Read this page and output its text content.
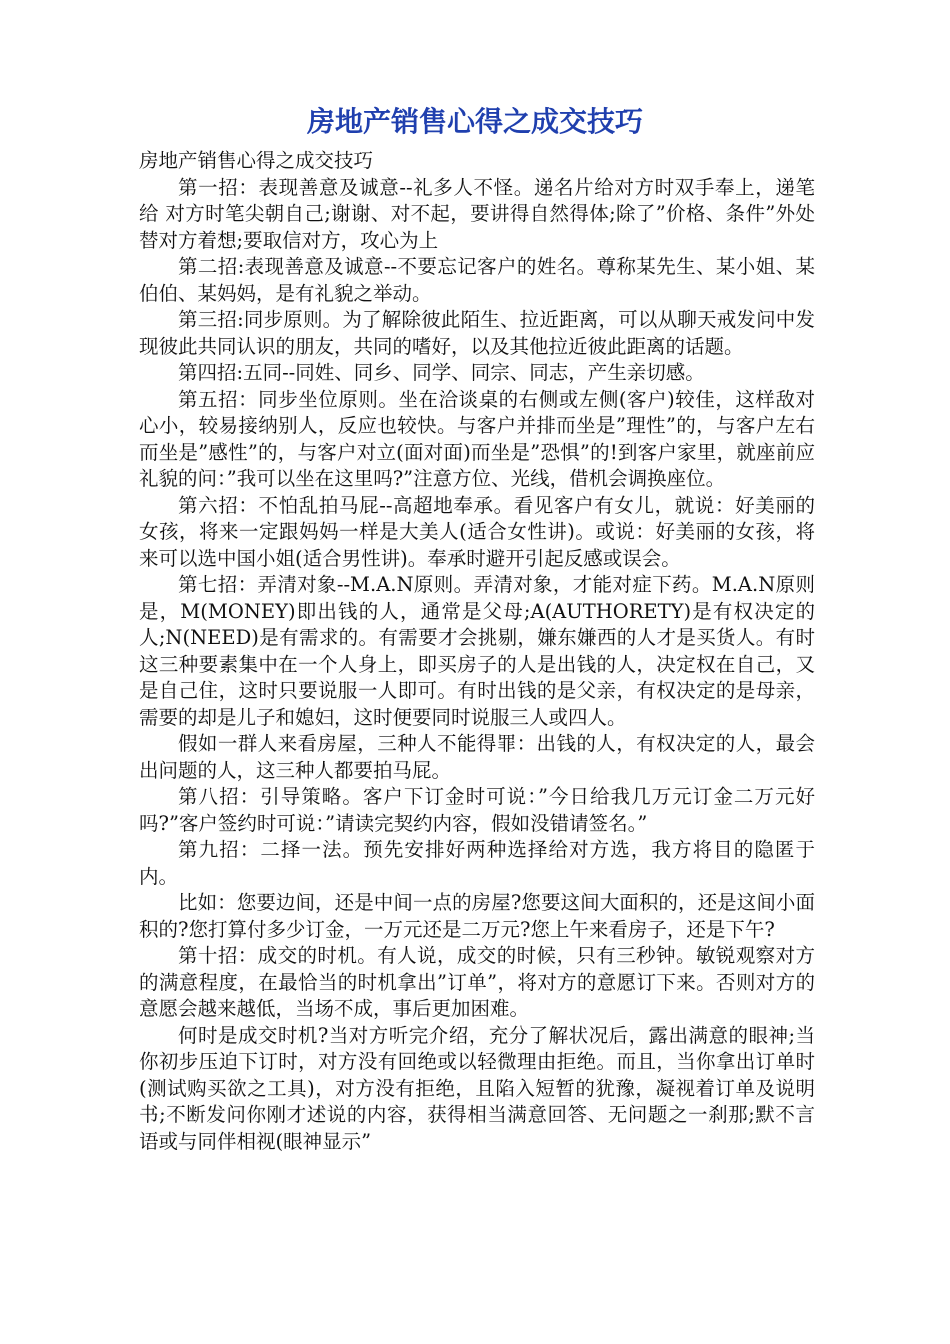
房地产销售心得之成交技巧

房地产销售心得之成交技巧

第一招：表现善意及诚意--礼多人不怪。递名片给对方时双手奉上，递笔给 对方时笔尖朝自己;谢谢、对不起，要讲得自然得体;除了”价格、条件”外处替对方着想;要取信对方，攻心为上

第二招:表现善意及诚意--不要忘记客户的姓名。尊称某先生、某小姐、某伯伯、某妈妈，是有礼貌之举动。

第三招:同步原则。为了解除彼此陌生、拉近距离，可以从聊天戒发问中发现彼此共同认识的朋友，共同的嗜好，以及其他拉近彼此距离的话题。

第四招:五同--同姓、同乡、同学、同宗、同志，产生亲切感。

第五招：同步坐位原则。坐在洽谈桌的右侧或左侧(客户)较佳，这样敌对心小，较易接纳别人，反应也较快。与客户并排而坐是”理性”的，与客户左右而坐是”感性”的，与客户对立(面对面)而坐是”恐惧”的!到客户家里，就座前应礼貌的问：”我可以坐在这里吗?”注意方位、光线，借机会调换座位。

第六招：不怕乱拍马屁--高超地奉承。看见客户有女儿，就说：好美丽的女孩，将来一定跟妈妈一样是大美人(适合女性讲)。或说：好美丽的女孩，将来可以选中国小姐(适合男性讲)。奉承时避开引起反感或误会。

第七招：弄清对象--M.A.N原则。弄清对象，才能对症下药。M.A.N原则是，M(MONEY)即出钱的人，通常是父母;A(AUTHORETY)是有权决定的人;N(NEED)是有需求的。有需要才会挑剔，嫌东嫌西的人才是买货人。有时这三种要素集中在一个人身上，即买房子的人是出钱的人，决定权在自己，又是自己住，这时只要说服一人即可。有时出钱的是父亲，有权决定的是母亲，需要的却是儿子和媳妇，这时便要同时说服三人或四人。

假如一群人来看房屋，三种人不能得罪：出钱的人，有权决定的人，最会出问题的人，这三种人都要拍马屁。

第八招：引导策略。客户下订金时可说：”今日给我几万元订金二万元好吗?”客户签约时可说：”请读完契约内容，假如没错请签名。”

第九招：二择一法。预先安排好两种选择给对方选，我方将目的隐匿于内。

比如：您要边间，还是中间一点的房屋?您要这间大面积的，还是这间小面积的?您打算付多少订金，一万元还是二万元?您上午来看房子，还是下午?

第十招：成交的时机。有人说，成交的时候，只有三秒钟。敏锐观察对方的满意程度，在最恰当的时机拿出”订单”，将对方的意愿订下来。否则对方的意愿会越来越低，当场不成，事后更加困难。

何时是成交时机?当对方听完介绍，充分了解状况后，露出满意的眼神;当你初步压迫下订时，对方没有回绝或以轻微理由拒绝。而且，当你拿出订单时(测试购买欲之工具)，对方没有拒绝，且陷入短暂的犹豫，凝视着订单及说明书;不断发问你刚才述说的内容，获得相当满意回答、无问题之一刹那;默不言语或与同伴相视(眼神显示”
